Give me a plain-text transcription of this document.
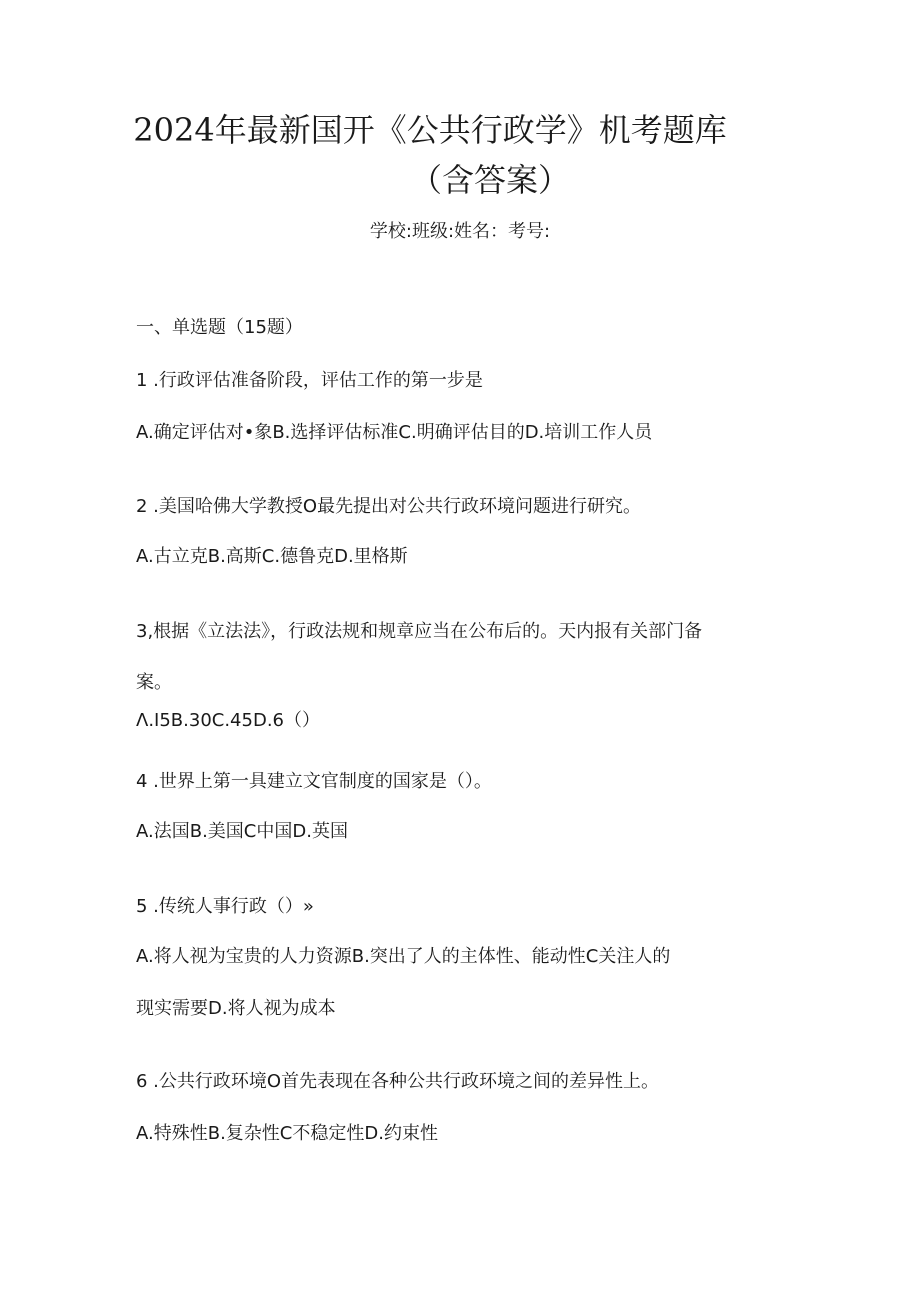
2024年最新国开《公共行政学》机考题库
（含答案）
学校:班级:姓名：考号:
一、单选题（15题）
1 .行政评估准备阶段，评估工作的第一步是
A.确定评估对•象B.选择评估标准C.明确评估目的D.培训工作人员
2 .美国哈佛大学教授O最先提出对公共行政环境问题进行研究。
A.古立克B.高斯C.德鲁克D.里格斯
3,根据《立法法》，行政法规和规章应当在公布后的。天内报有关部门备
案。
Λ.I5B.30C.45D.6（）
4 .世界上第一具建立文官制度的国家是（）。
A.法国B.美国C中国D.英国
5 .传统人事行政（）»
A.将人视为宝贵的人力资源B.突出了人的主体性、能动性C关注人的
现实需要D.将人视为成本
6 .公共行政环境O首先表现在各种公共行政环境之间的差异性上。
A.特殊性B.复杂性C不稳定性D.约束性
